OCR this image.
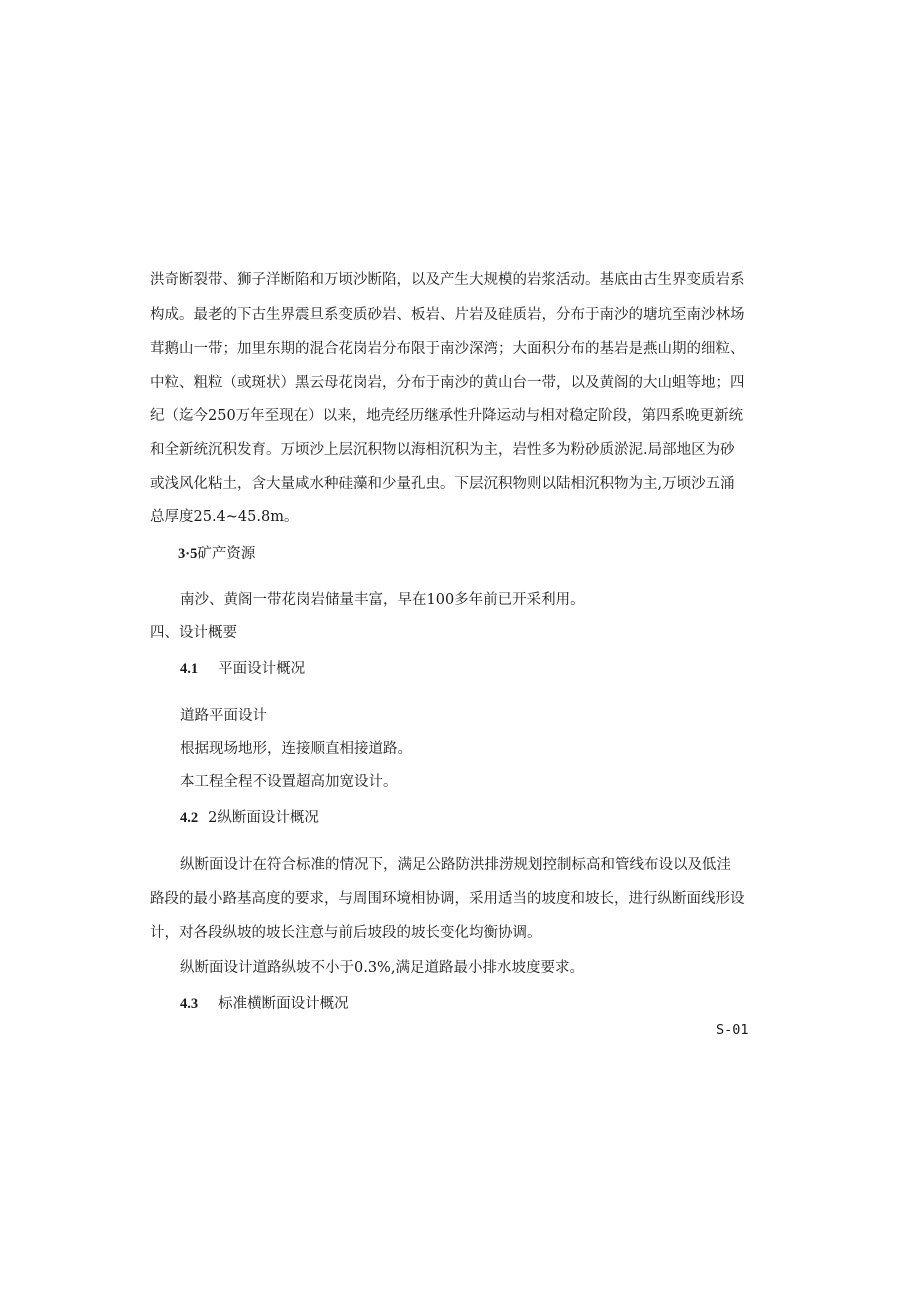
洪奇断裂带、狮子洋断陷和万顷沙断陷，以及产生大规模的岩浆活动。基底由古生界变质岩系
构成。最老的下古生界震旦系变质砂岩、板岩、片岩及硅质岩，分布于南沙的塘坑至南沙林场
茸鹅山一带；加里东期的混合花岗岩分布限于南沙深湾；大面积分布的基岩是燕山期的细粒、
中粒、粗粒（或斑状）黑云母花岗岩，分布于南沙的黄山台一带，以及黄阁的大山蛆等地；四
纪（迄今250万年至现在）以来，地壳经历继承性升降运动与相对稳定阶段，第四系晚更新统
和全新统沉积发育。万顷沙上层沉积物以海相沉积为主，岩性多为粉砂质淤泥.局部地区为砂
或浅风化粘土，含大量咸水种硅藻和少量孔虫。下层沉积物则以陆相沉积物为主,万顷沙五涌
总厚度25.4~45.8m。
3·5矿产资源
南沙、黄阁一带花岗岩储量丰富，早在100多年前已开采利用。
四、设计概要
4.1 平面设计概况
道路平面设计
根据现场地形，连接顺直相接道路。
本工程全程不设置超高加宽设计。
4.2 2纵断面设计概况
纵断面设计在符合标准的情况下，满足公路防洪排涝规划控制标高和管线布设以及低洼
路段的最小路基高度的要求，与周围环境相协调，采用适当的坡度和坡长，进行纵断面线形设
计，对各段纵坡的坡长注意与前后坡段的坡长变化均衡协调。
纵断面设计道路纵坡不小于0.3%,满足道路最小排水坡度要求。
4.3 标准横断面设计概况
S-01
